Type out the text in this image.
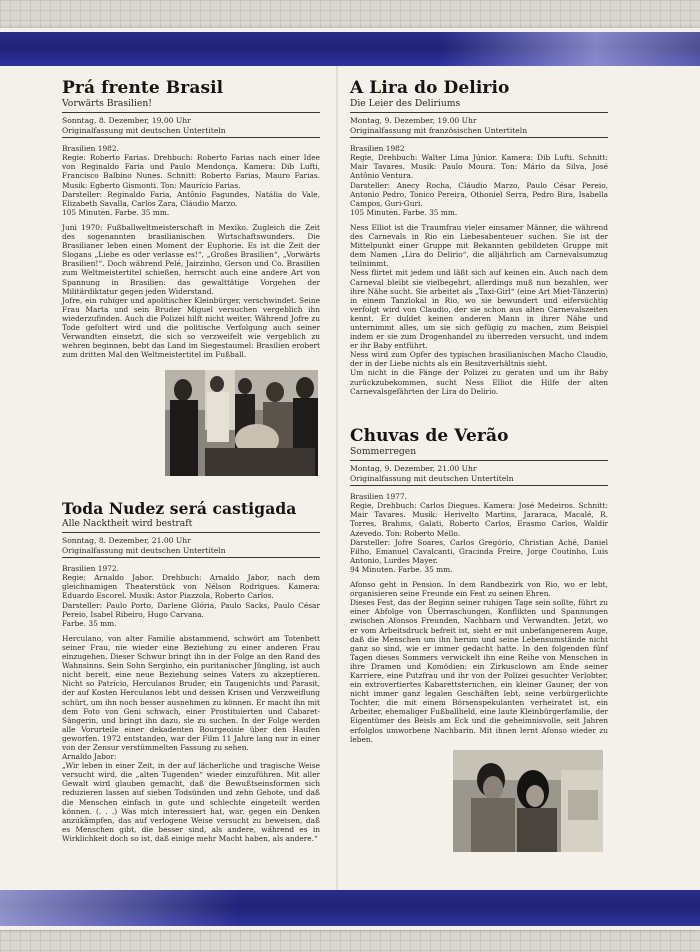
Prá frente Brasil
Vorwärts Brasilien!
Sonntag, 8. Dezember, 19.00 Uhr
Originalfassung mit deutschen Untertiteln
Brasilien 1982.
Regie: Roberto Farias. Drehbuch: Roberto Farias nach einer Idee von Reginaldo Faria und Paulo Mendonça. Kamera: Dib Lufti, Francisco Balbino Nunes. Schnitt: Roberto Farias, Mauro Farias. Musik: Egberto Gismonti. Ton: Maurício Farias.
Darsteller: Reginaldo Faria, Antônio Fagundes, Natália do Vale, Elizabeth Savalla, Carlos Zara, Cláudio Marzo.
105 Minuten. Farbe. 35 mm.
Juni 1970: Fußballweltmeisterschaft in Mexiko. Zugleich die Zeit des sogenannten brasilianischen Wirtschaftswunders. Die Brasilianer leben einen Moment der Euphorie. Es ist die Zeit der Slogans „Liebe es oder verlasse es!“, „Großes Brasilien“, „Vorwärts Brasilien!“. Doch während Pelé, Jairzinho, Gerson und Co. Brasilien zum Weltmeistertitel schießen, herrscht auch eine andere Art von Spannung in Brasilien: das gewalttätige Vorgehen der Militärdiktatur gegen jeden Widerstand.
Jofre, ein ruhiger und apolitischer Kleinbürger, verschwindet. Seine Frau Marta und sein Bruder Miguel versuchen vergeblich ihn wiederzufinden. Auch die Polizei hilft nicht weiter. Während Jofre zu Tode gefoltert wird und die politische Verfolgung auch seiner Verwandten einsetzt, die sich so verzweifelt wie vergeblich zu wehren beginnen, bebt das Land im Siegestaumel: Brasilien erobert zum dritten Mal den Weltmeistertitel im Fußball.
Toda Nudez será castigada
Alle Nacktheit wird bestraft
Sonntag, 8. Dezember, 21.00 Uhr
Originalfassung mit deutschen Untertiteln
Brasilien 1972.
Regie: Arnaldo Jabor. Drehbuch: Arnaldo Jabor, nach dem gleichnamigen Theaterstück von Nélson Rodrigues. Kamera: Eduardo Escorel. Musik: Astor Piazzola, Roberto Carlos.
Darsteller: Paulo Porto, Darlene Glória, Paulo Sacks, Paulo César Pereio, Isabel Ribeiro, Hugo Carvana.
Farbe. 35 mm.
Herculano, von alter Familie abstammend, schwört am Totenbett seiner Frau, nie wieder eine Beziehung zu einer anderen Frau einzugehen. Dieser Schwur bringt ihn in der Folge an den Rand des Wahnsinns. Sein Sohn Serginho, ein puritanischer Jüngling, ist auch nicht bereit, eine neue Beziehung seines Vaters zu akzeptieren. Nicht so Patrício, Herculanos Bruder, ein Taugenichts und Parasit, der auf Kosten Herculanos lebt und dessen Krisen und Verzweiflung schürt, um ihn noch besser ausnehmen zu können. Er macht ihn mit dem Foto von Geni schwach, einer Prostituierten und Cabaret-Sängerin, und bringt ihn dazu, sie zu suchen. In der Folge werden alle Vorurteile einer dekadenten Bourgeoisie über den Haufen geworfen. 1972 entstanden, war der Film 11 Jahre lang nur in einer von der Zensur verstümmelten Fassung zu sehen.
Arnaldo Jabor:
„Wir leben in einer Zeit, in der auf lächerliche und tragische Weise versucht wird, die „alten Tugenden“ wieder einzuführen. Mit aller Gewalt wird glauben gemacht, daß die Bewußtseinsformen sich reduzieren lassen auf sieben Todsünden und zehn Gebote, und daß die Menschen einfach in gute und schlechte eingeteilt werden können. (. . .) Was mich interessiert hat, war, gegen ein Denken anzukämpfen, das auf verlogene Weise versucht zu beweisen, daß es Menschen gibt, die besser sind, als andere, während es in Wirklichkeit doch so ist, daß einige mehr Macht haben, als andere.“
A Lira do Delirio
Die Leier des Deliriums
Montag, 9. Dezember, 19.00 Uhr
Originalfassung mit französischen Untertiteln
Brasilien 1982
Regie, Drehbuch: Walter Lima Júnior. Kamera: Dib Lufti. Schnitt: Mair Tavares. Musik: Paulo Moura. Ton: Mário da Silva, José Antônio Ventura.
Darsteller: Anecy Rocha, Cláudio Marzo, Paulo César Pereio, Antonio Pedro, Tonico Pereira, Othoniel Serra, Pedro Bira, Isabella Campos, Guri-Guri.
105 Minuten. Farbe. 35 mm.
Ness Elliot ist die Traumfrau vieler einsamer Männer, die während des Carnevals in Rio ein Liebesabenteuer suchen. Sie ist der Mittelpunkt einer Gruppe mit Bekannten gebildeten Gruppe mit dem Namen „Lira do Delirio“, die alljährlich am Carnevalsumzug teilnimmt.
Ness flirtet mit jedem und läßt sich auf keinen ein. Auch nach dem Carneval bleibt sie vielbegehrt, allerdings muß nun bezahlen, wer ihre Nähe sucht. Sie arbeitet als „Taxi-Girl“ (eine Art Miet-Tänzerin) in einem Tanzlokal in Rio, wo sie bewundert und eifersüchtig verfolgt wird von Claudio, der sie schon aus alten Carnevalszeiten kennt. Er duldet keinen anderen Mann in ihrer Nähe und unternimmt alles, um sie sich gefügig zu machen, zum Beispiel indem er sie zum Drogenhandel zu überreden versucht, und indem er ihr Baby entführt.
Ness wird zum Opfer des typischen brasilianischen Macho Claudio, der in der Liebe nichts als ein Besitzverhältnis sieht.
Um nicht in die Fänge der Polizei zu geraten und um ihr Baby zurückzubekommen, sucht Ness Elliot die Hilfe der alten Carnevalsgefährten der Lira do Delirio.
Chuvas de Verão
Sommerregen
Montag, 9. Dezember, 21.00 Uhr
Originalfassung mit deutschen Untertiteln
Brasilien 1977.
Regie, Drehbuch: Carlos Diegues. Kamera: José Medeiros. Schnitt: Mair Tavares. Musik: Herivelto Martins, Jararaca, Macalé, R. Torres, Brahms, Galati, Roberto Carlos, Erasmo Carlos, Waldir Azevedo. Ton: Roberto Mello.
Darsteller: Jofre Soares, Carlos Gregório, Christian Aché, Daniel Filho, Emanuel Cavalcanti, Gracinda Freire, Jorge Coutinho, Luis Antonio, Lurdes Mayer.
94 Minuten. Farbe. 35 mm.
Afonso geht in Pension. In dem Randbezirk von Rio, wo er lebt, organisieren seine Freunde ein Fest zu seinen Ehren.
Dieses Fest, das der Beginn seiner ruhigen Tage sein sollte, führt zu einer Abfolge von Überraschungen, Konflikten und Spannungen zwischen Afonsos Freunden, Nachbarn und Verwandten. Jetzt, wo er vom Arbeitsdruck befreit ist, sieht er mit unbefangenerem Auge, daß die Menschen um ihn herum und seine Lebensumstände nicht ganz so sind, wie er immer gedacht hatte. In den folgenden fünf Tagen dieses Sommers verwickelt ihn eine Reihe von Menschen in ihre Dramen und Komödien: ein Zirkusclown am Ende seiner Karriere, eine Putzfrau und ihr von der Polizei gesuchter Verlobter, ein extrovertiertes Kabarettsternchen, ein kleiner Gauner, der von nicht immer ganz legalen Geschäften lebt, seine verbürgerlichte Tochter, die mit einem Börsenspekulanten verheiratet ist, ein Arbeiter, ehemaliger Fußballheld, eine laute Kleinbürgerfamilie, der Eigentümer des Beisls am Eck und die geheimnisvolle, seit Jahren erfolglos umworbene Nachbarin. Mit ihnen lernt Afonso wieder zu leben.
